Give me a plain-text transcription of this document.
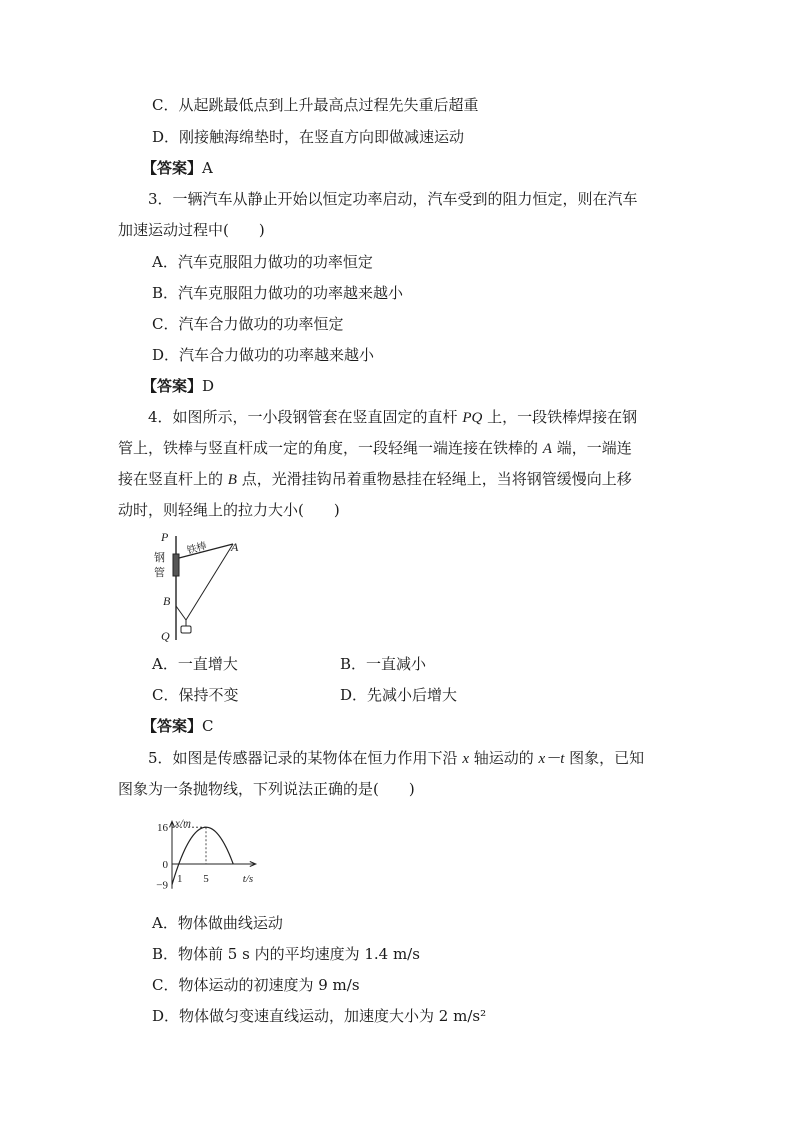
C．从起跳最低点到上升最高点过程先失重后超重
D．刚接触海绵垫时，在竖直方向即做减速运动
【答案】A
3．一辆汽车从静止开始以恒定功率启动，汽车受到的阻力恒定，则在汽车
加速运动过程中(　　)
A．汽车克服阻力做功的功率恒定
B．汽车克服阻力做功的功率越来越小
C．汽车合力做功的功率恒定
D．汽车合力做功的功率越来越小
【答案】D
4．如图所示，一小段钢管套在竖直固定的直杆 PQ 上，一段铁棒焊接在钢
管上，铁棒与竖直杆成一定的角度，一段轻绳一端连接在铁棒的 A 端，一端连
接在竖直杆上的 B 点，光滑挂钩吊着重物悬挂在轻绳上，当将钢管缓慢向上移
动时，则轻绳上的拉力大小(　　)
P
Q
A
B
钢
管
铁棒
A．一直增大	B．一直减小
C．保持不变	D．先减小后增大
【答案】C
5．如图是传感器记录的某物体在恒力作用下沿 x 轴运动的 x－t 图象，已知
图象为一条抛物线，下列说法正确的是(　　)
x/m
t/s
16
0
−9
1 5
A．物体做曲线运动
B．物体前 5 s 内的平均速度为 1.4 m/s
C．物体运动的初速度为 9 m/s
D．物体做匀变速直线运动，加速度大小为 2 m/s²
